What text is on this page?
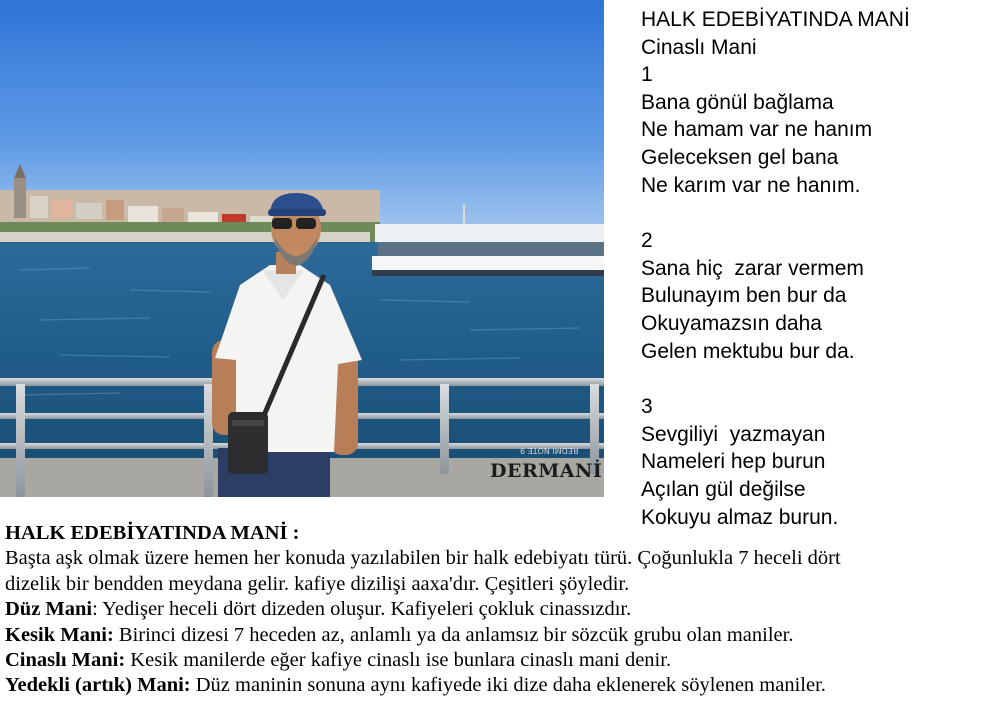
REDMI NOTE 9
DERMANİ
HALK EDEBİYATINDA MANİ
Cinaslı Mani
1
Bana gönül bağlama
Ne hamam var ne hanım
Geleceksen gel bana
Ne karım var ne hanım.
2
Sana hiç  zarar vermem
Bulunayım ben bur da
Okuyamazsın daha
Gelen mektubu bur da.
3
Sevgiliyi  yazmayan
Nameleri hep burun
Açılan gül değilse
Kokuyu almaz burun.
HALK EDEBİYATINDA MANİ :
Başta aşk olmak üzere hemen her konuda yazılabilen bir halk edebiyatı türü. Çoğunlukla 7 heceli dört
dizelik bir bendden meydana gelir. kafiye dizilişi aaxa'dır. Çeşitleri şöyledir.
Düz Mani: Yedişer heceli dört dizeden oluşur. Kafiyeleri çokluk cinassızdır.
Kesik Mani: Birinci dizesi 7 heceden az, anlamlı ya da anlamsız bir sözcük grubu olan maniler.
Cinaslı Mani: Kesik manilerde eğer kafiye cinaslı ise bunlara cinaslı mani denir.
Yedekli (artık) Mani: Düz maninin sonuna aynı kafiyede iki dize daha eklenerek söylenen maniler.
